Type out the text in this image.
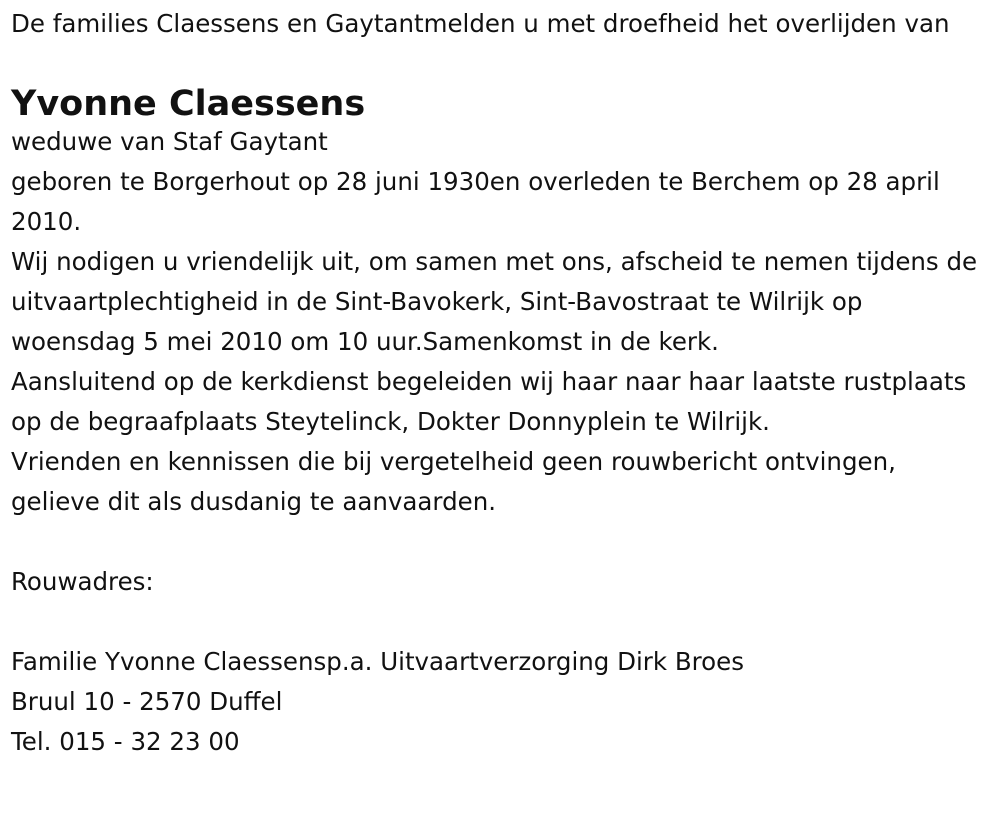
De families Claessens en Gaytantmelden u met droefheid het overlijden van

Yvonne Claessens

weduwe van Staf Gaytant

geboren te Borgerhout op 28 juni 1930en overleden te Berchem op 28 april 2010.

Wij nodigen u vriendelijk uit, om samen met ons, afscheid te nemen tijdens de uitvaartplechtigheid in de Sint-Bavokerk, Sint-Bavostraat te Wilrijk op woensdag 5 mei 2010 om 10 uur.Samenkomst in de kerk.

Aansluitend op de kerkdienst begeleiden wij haar naar haar laatste rustplaats op de begraafplaats Steytelinck, Dokter Donnyplein te Wilrijk.

Vrienden en kennissen die bij vergetelheid geen rouwbericht ontvingen, gelieve dit als dusdanig te aanvaarden.

Rouwadres:

Familie Yvonne Claessensp.a. Uitvaartverzorging Dirk Broes

Bruul 10 - 2570 Duffel

Tel. 015 - 32 23 00
